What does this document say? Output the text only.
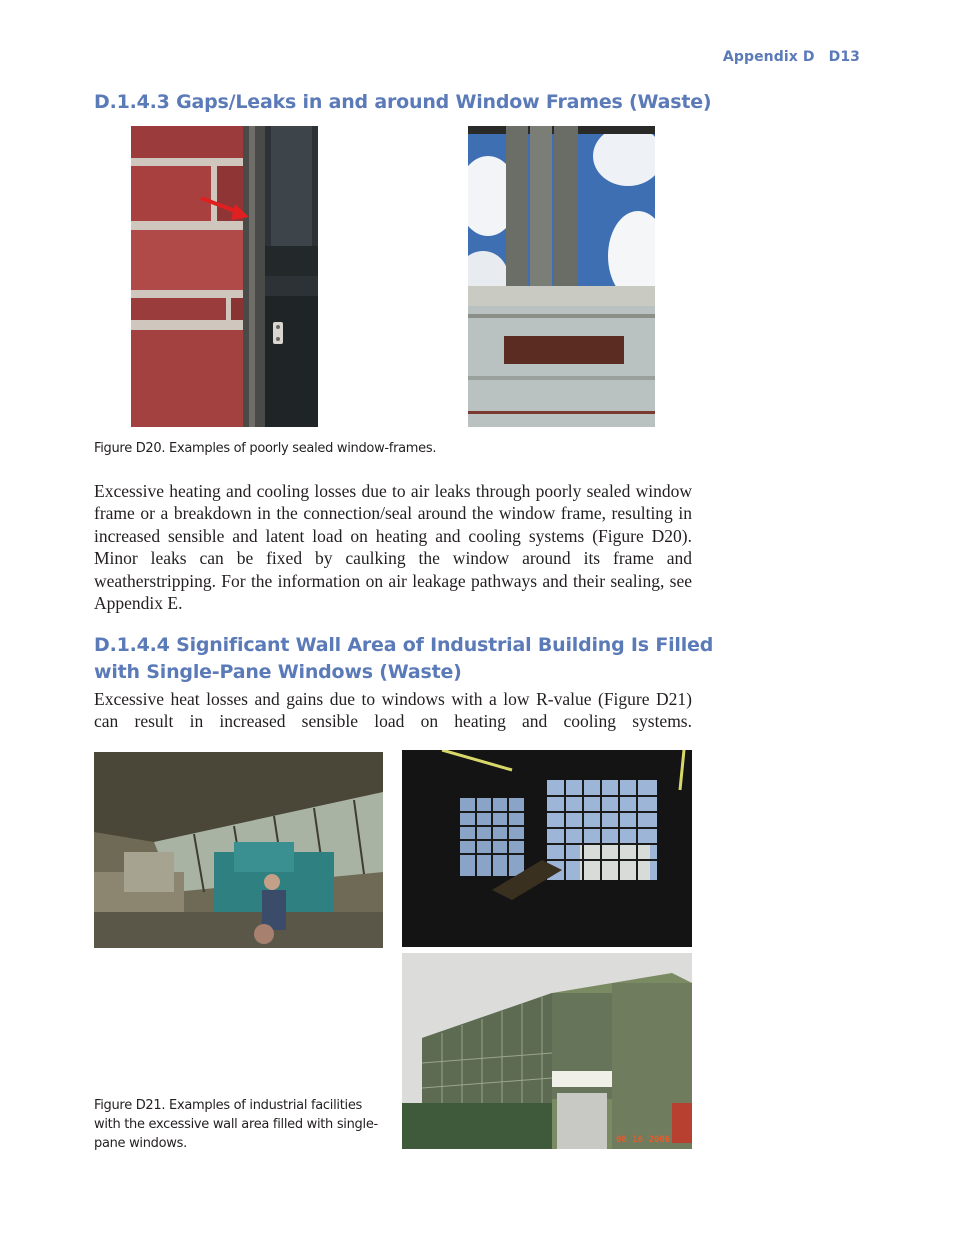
Appendix D D13
D.1.4.3 Gaps/Leaks in and around Window Frames (Waste)
Figure D20. Examples of poorly sealed window-frames.

Excessive heating and cooling losses due to air leaks through poorly sealed window frame or a breakdown in the connection/seal around the window frame, resulting in increased sensible and latent load on heating and cooling systems (Figure D20). Minor leaks can be fixed by caulking the window around its frame and weatherstripping. For the information on air leakage pathways and their sealing, see Appendix E.

D.1.4.4 Significant Wall Area of Industrial Building Is Filled with Single-Pane Windows (Waste)

Excessive heat losses and gains due to windows with a low R-value (Figure D21) can result in increased sensible load on heating and cooling systems.

08 16 2006
Figure D21. Examples of industrial facilities with the excessive wall area filled with single-pane windows.
